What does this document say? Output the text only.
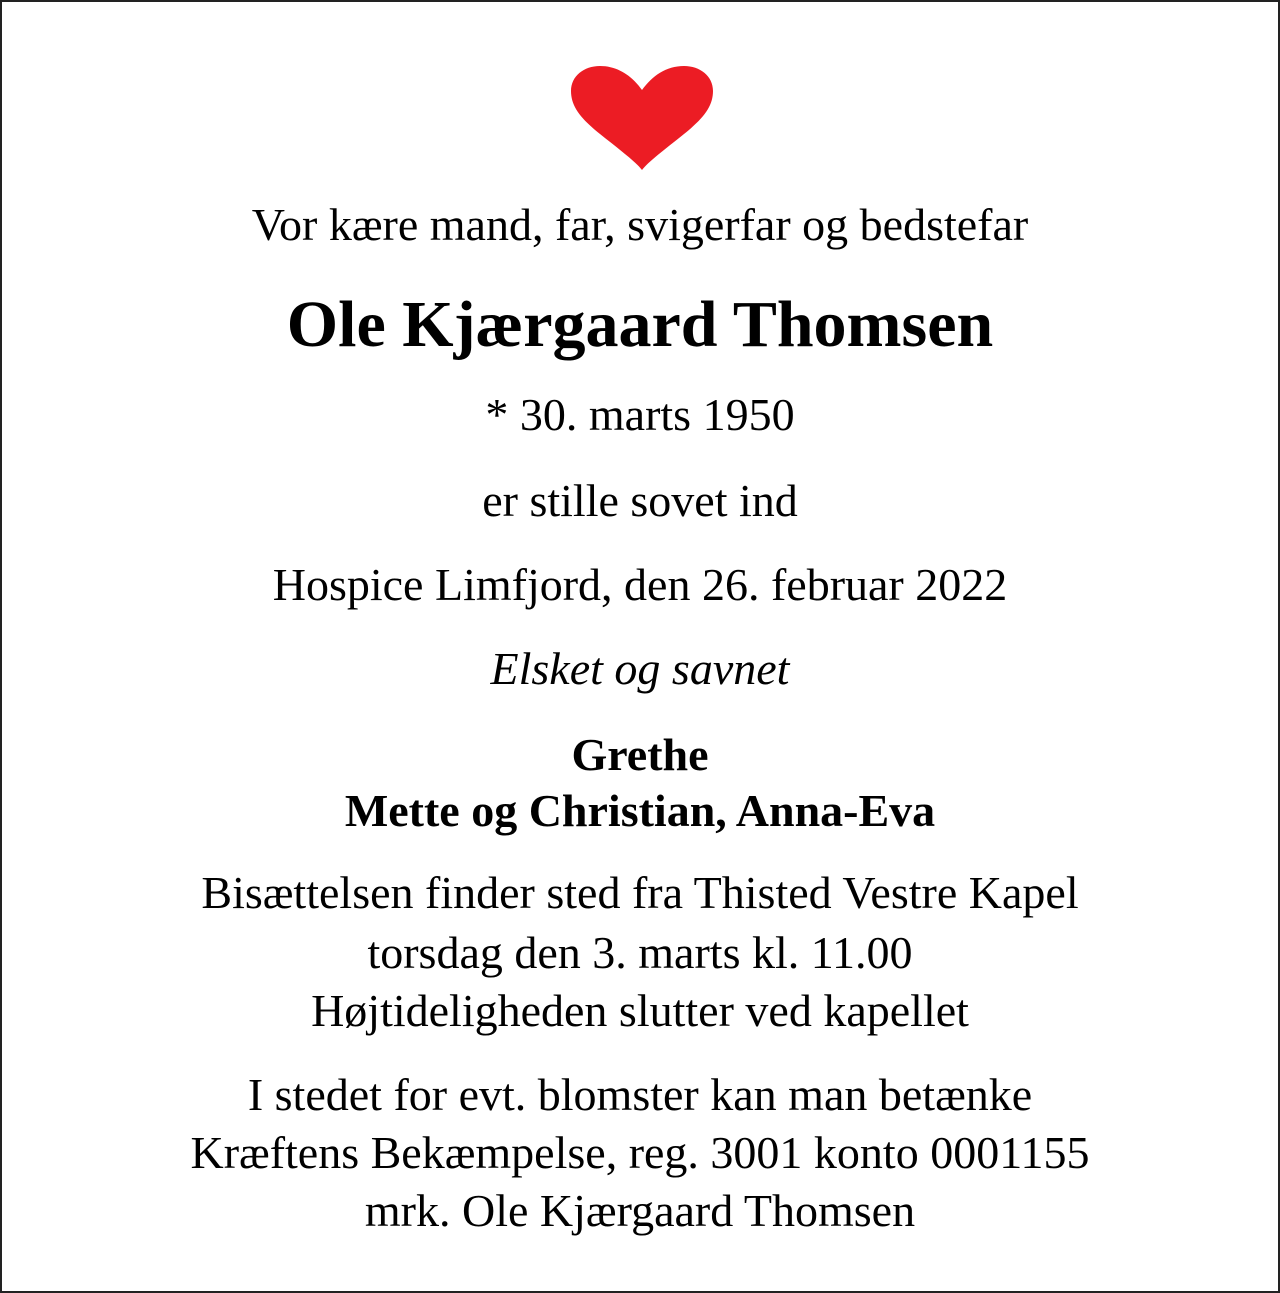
Vor kære mand, far, svigerfar og bedstefar
Ole Kjærgaard Thomsen
* 30. marts 1950
er stille sovet ind
Hospice Limfjord, den 26. februar 2022
Elsket og savnet
Grethe
Mette og Christian, Anna-Eva
Bisættelsen finder sted fra Thisted Vestre Kapel
torsdag den 3. marts kl. 11.00
Højtideligheden slutter ved kapellet
I stedet for evt. blomster kan man betænke
Kræftens Bekæmpelse, reg. 3001 konto 0001155
mrk. Ole Kjærgaard Thomsen
